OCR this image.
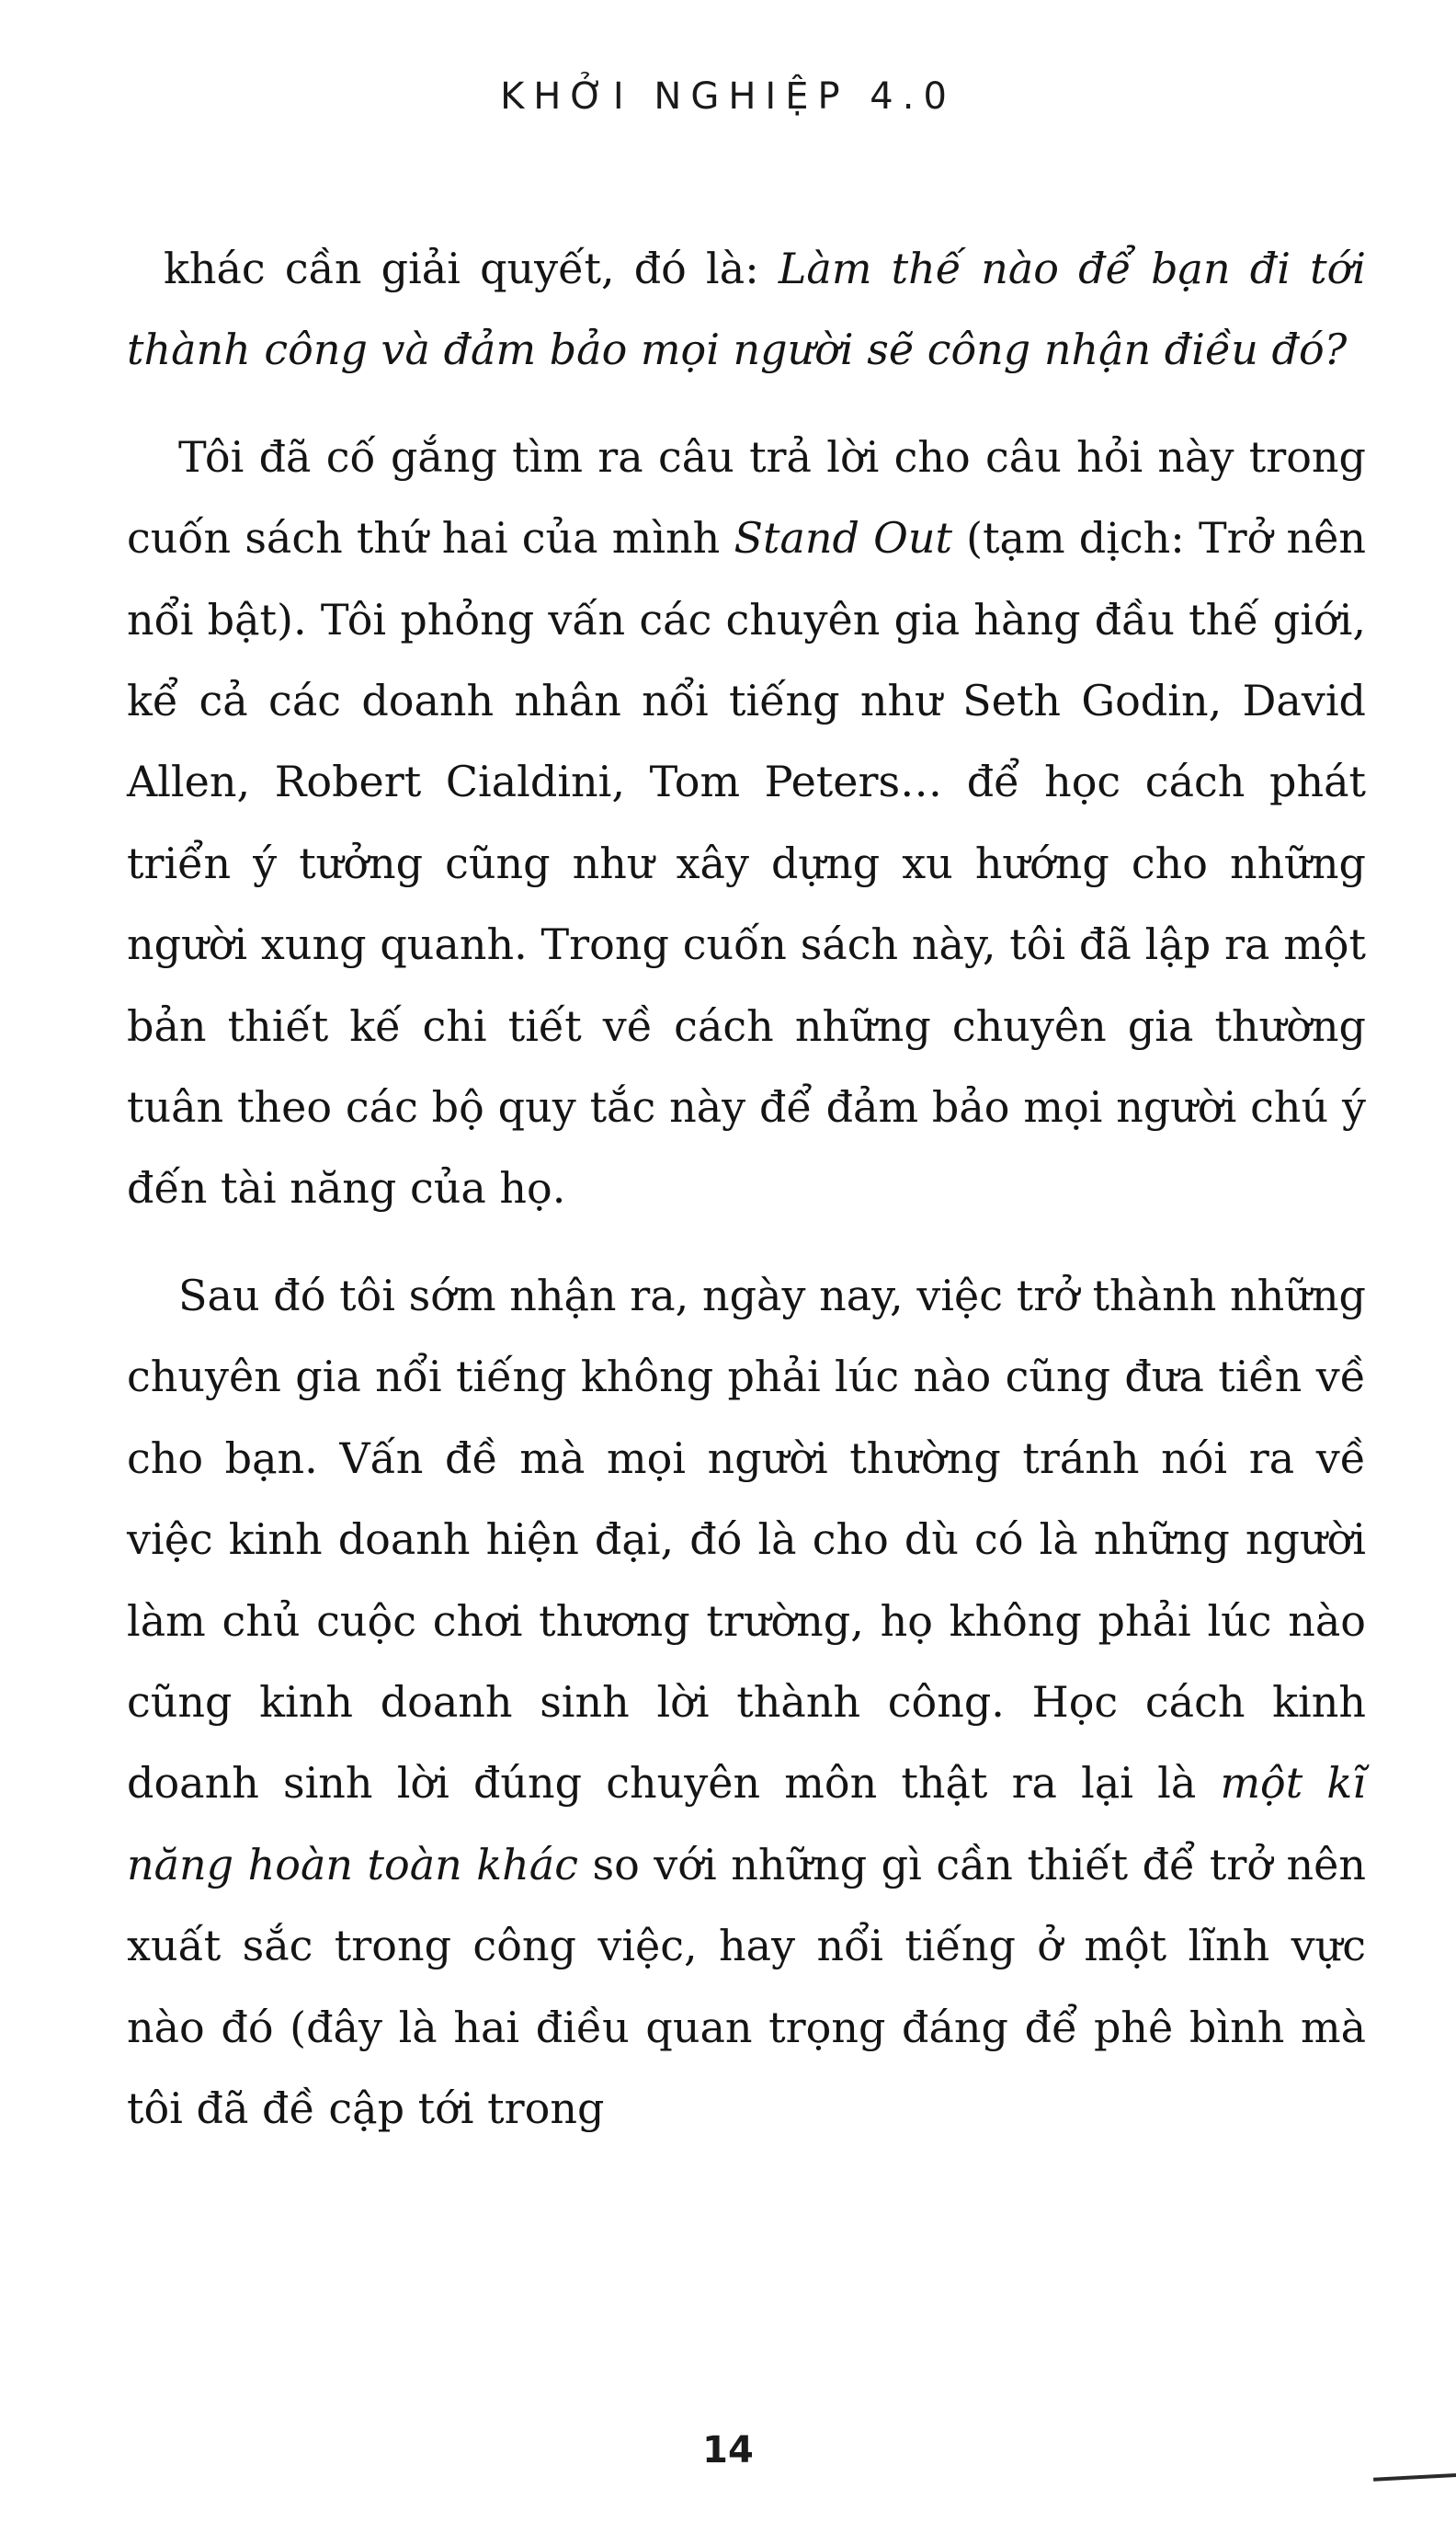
KHỞI NGHIỆP 4.0

khác cần giải quyết, đó là: Làm thế nào để bạn đi tới thành công và đảm bảo mọi người sẽ công nhận điều đó?

Tôi đã cố gắng tìm ra câu trả lời cho câu hỏi này trong cuốn sách thứ hai của mình Stand Out (tạm dịch: Trở nên nổi bật). Tôi phỏng vấn các chuyên gia hàng đầu thế giới, kể cả các doanh nhân nổi tiếng như Seth Godin, David Allen, Robert Cialdini, Tom Peters… để học cách phát triển ý tưởng cũng như xây dựng xu hướng cho những người xung quanh. Trong cuốn sách này, tôi đã lập ra một bản thiết kế chi tiết về cách những chuyên gia thường tuân theo các bộ quy tắc này để đảm bảo mọi người chú ý đến tài năng của họ.

Sau đó tôi sớm nhận ra, ngày nay, việc trở thành những chuyên gia nổi tiếng không phải lúc nào cũng đưa tiền về cho bạn. Vấn đề mà mọi người thường tránh nói ra về việc kinh doanh hiện đại, đó là cho dù có là những người làm chủ cuộc chơi thương trường, họ không phải lúc nào cũng kinh doanh sinh lời thành công. Học cách kinh doanh sinh lời đúng chuyên môn thật ra lại là một kĩ năng hoàn toàn khác so với những gì cần thiết để trở nên xuất sắc trong công việc, hay nổi tiếng ở một lĩnh vực nào đó (đây là hai điều quan trọng đáng để phê bình mà tôi đã đề cập tới trong

14
